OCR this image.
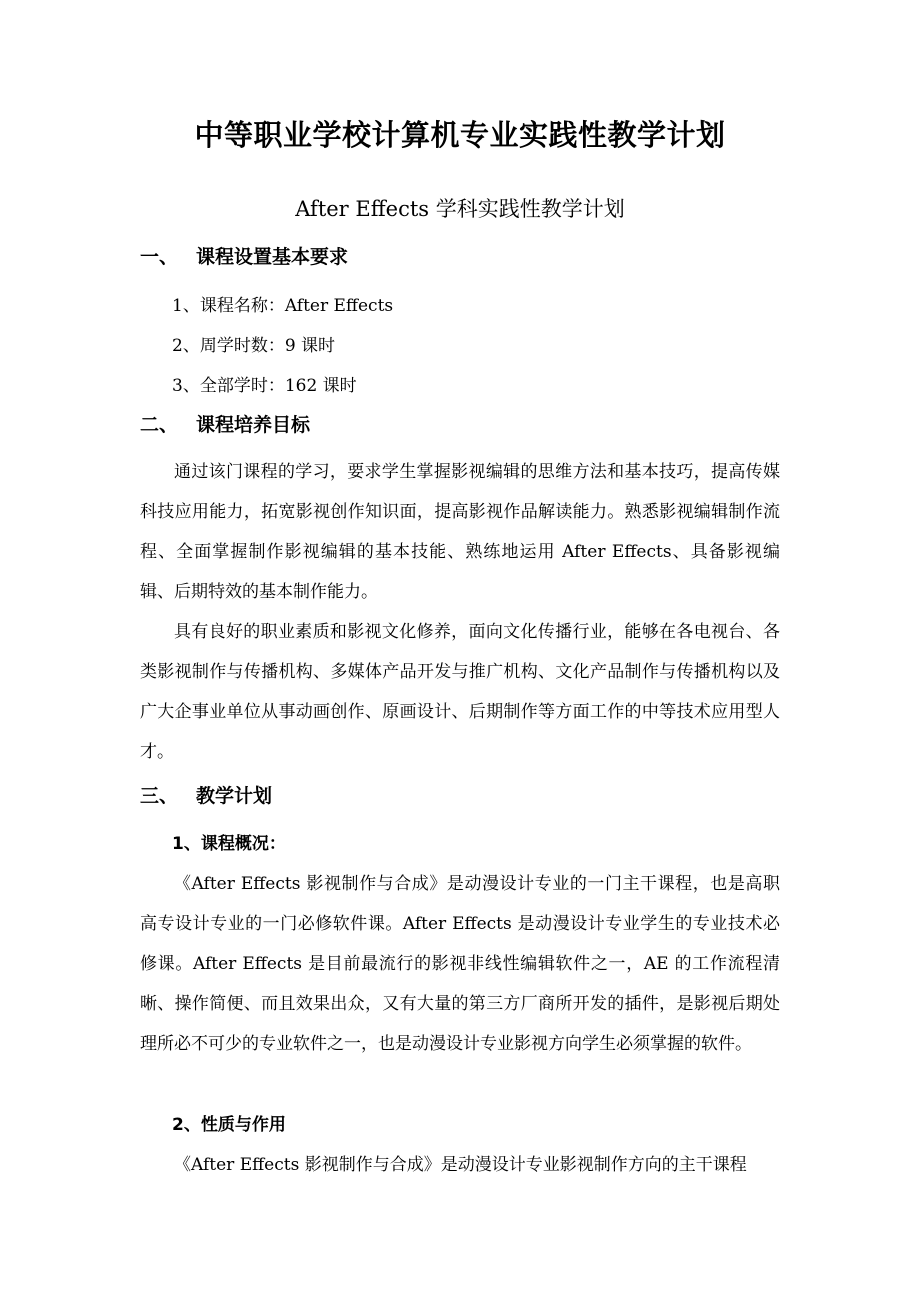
中等职业学校计算机专业实践性教学计划
After Effects 学科实践性教学计划
一、 课程设置基本要求
1、课程名称：After Effects
2、周学时数：9 课时
3、全部学时：162 课时
二、 课程培养目标
通过该门课程的学习，要求学生掌握影视编辑的思维方法和基本技巧，提高传媒科技应用能力，拓宽影视创作知识面，提高影视作品解读能力。熟悉影视编辑制作流程、全面掌握制作影视编辑的基本技能、熟练地运用 After Effects、具备影视编辑、后期特效的基本制作能力。
具有良好的职业素质和影视文化修养，面向文化传播行业，能够在各电视台、各类影视制作与传播机构、多媒体产品开发与推广机构、文化产品制作与传播机构以及广大企事业单位从事动画创作、原画设计、后期制作等方面工作的中等技术应用型人才。
三、 教学计划
1、课程概况：
《After Effects 影视制作与合成》是动漫设计专业的一门主干课程，也是高职高专设计专业的一门必修软件课。After Effects 是动漫设计专业学生的专业技术必修课。After Effects 是目前最流行的影视非线性编辑软件之一，AE 的工作流程清晰、操作简便、而且效果出众，又有大量的第三方厂商所开发的插件，是影视后期处理所必不可少的专业软件之一，也是动漫设计专业影视方向学生必须掌握的软件。
2、性质与作用
《After Effects 影视制作与合成》是动漫设计专业影视制作方向的主干课程
